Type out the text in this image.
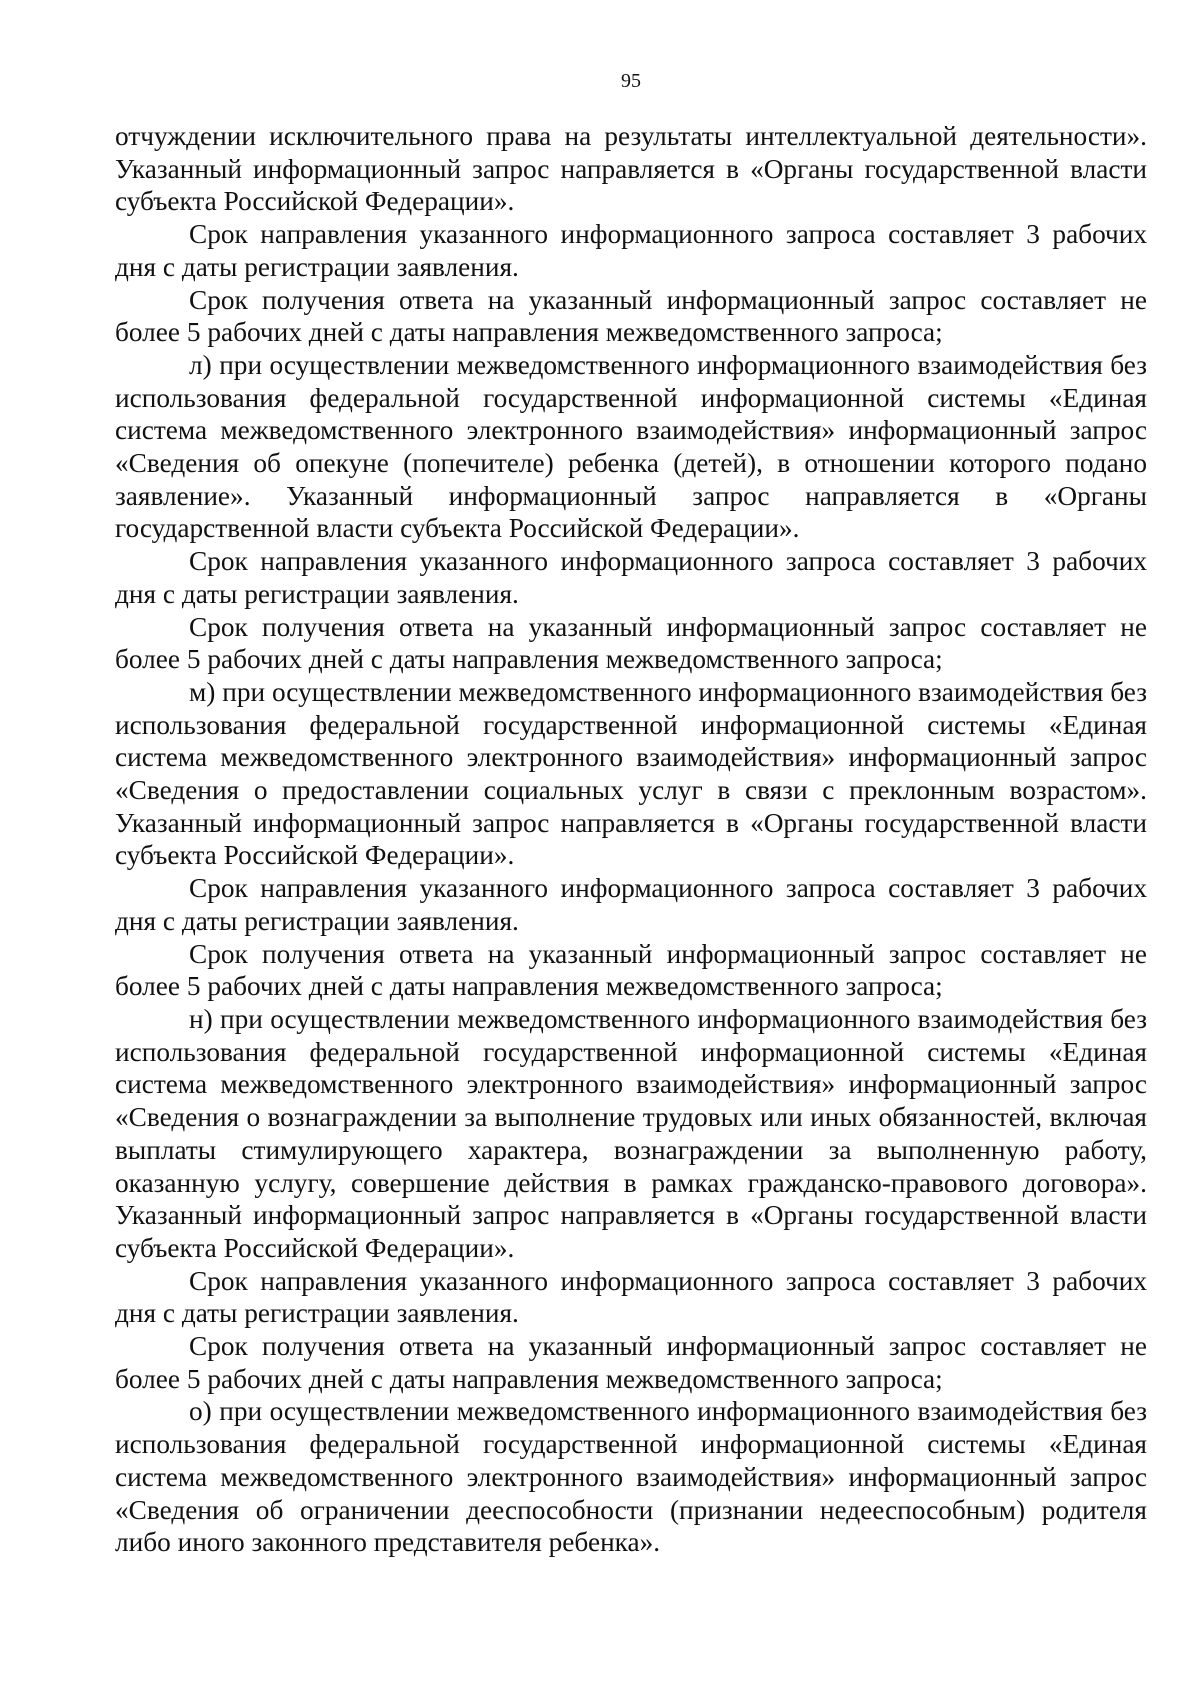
95

отчуждении исключительного права на результаты интеллектуальной деятельности». Указанный информационный запрос направляется в «Органы государственной власти субъекта Российской Федерации».

Срок направления указанного информационного запроса составляет 3 рабочих дня с даты регистрации заявления.

Срок получения ответа на указанный информационный запрос составляет не более 5 рабочих дней с даты направления межведомственного запроса;

л) при осуществлении межведомственного информационного взаимодействия без использования федеральной государственной информационной системы «Единая система межведомственного электронного взаимодействия» информационный запрос «Сведения об опекуне (попечителе) ребенка (детей), в отношении которого подано заявление». Указанный информационный запрос направляется в «Органы государственной власти субъекта Российской Федерации».

Срок направления указанного информационного запроса составляет 3 рабочих дня с даты регистрации заявления.

Срок получения ответа на указанный информационный запрос составляет не более 5 рабочих дней с даты направления межведомственного запроса;

м) при осуществлении межведомственного информационного взаимодействия без использования федеральной государственной информационной системы «Единая система межведомственного электронного взаимодействия» информационный запрос «Сведения о предоставлении социальных услуг в связи с преклонным возрастом». Указанный информационный запрос направляется в «Органы государственной власти субъекта Российской Федерации».

Срок направления указанного информационного запроса составляет 3 рабочих дня с даты регистрации заявления.

Срок получения ответа на указанный информационный запрос составляет не более 5 рабочих дней с даты направления межведомственного запроса;

н) при осуществлении межведомственного информационного взаимодействия без использования федеральной государственной информационной системы «Единая система межведомственного электронного взаимодействия» информационный запрос «Сведения о вознаграждении за выполнение трудовых или иных обязанностей, включая выплаты стимулирующего характера, вознаграждении за выполненную работу, оказанную услугу, совершение действия в рамках гражданско-правового договора». Указанный информационный запрос направляется в «Органы государственной власти субъекта Российской Федерации».

Срок направления указанного информационного запроса составляет 3 рабочих дня с даты регистрации заявления.

Срок получения ответа на указанный информационный запрос составляет не более 5 рабочих дней с даты направления межведомственного запроса;

о) при осуществлении межведомственного информационного взаимодействия без использования федеральной государственной информационной системы «Единая система межведомственного электронного взаимодействия» информационный запрос «Сведения об ограничении дееспособности (признании недееспособным) родителя либо иного законного представителя ребенка».
